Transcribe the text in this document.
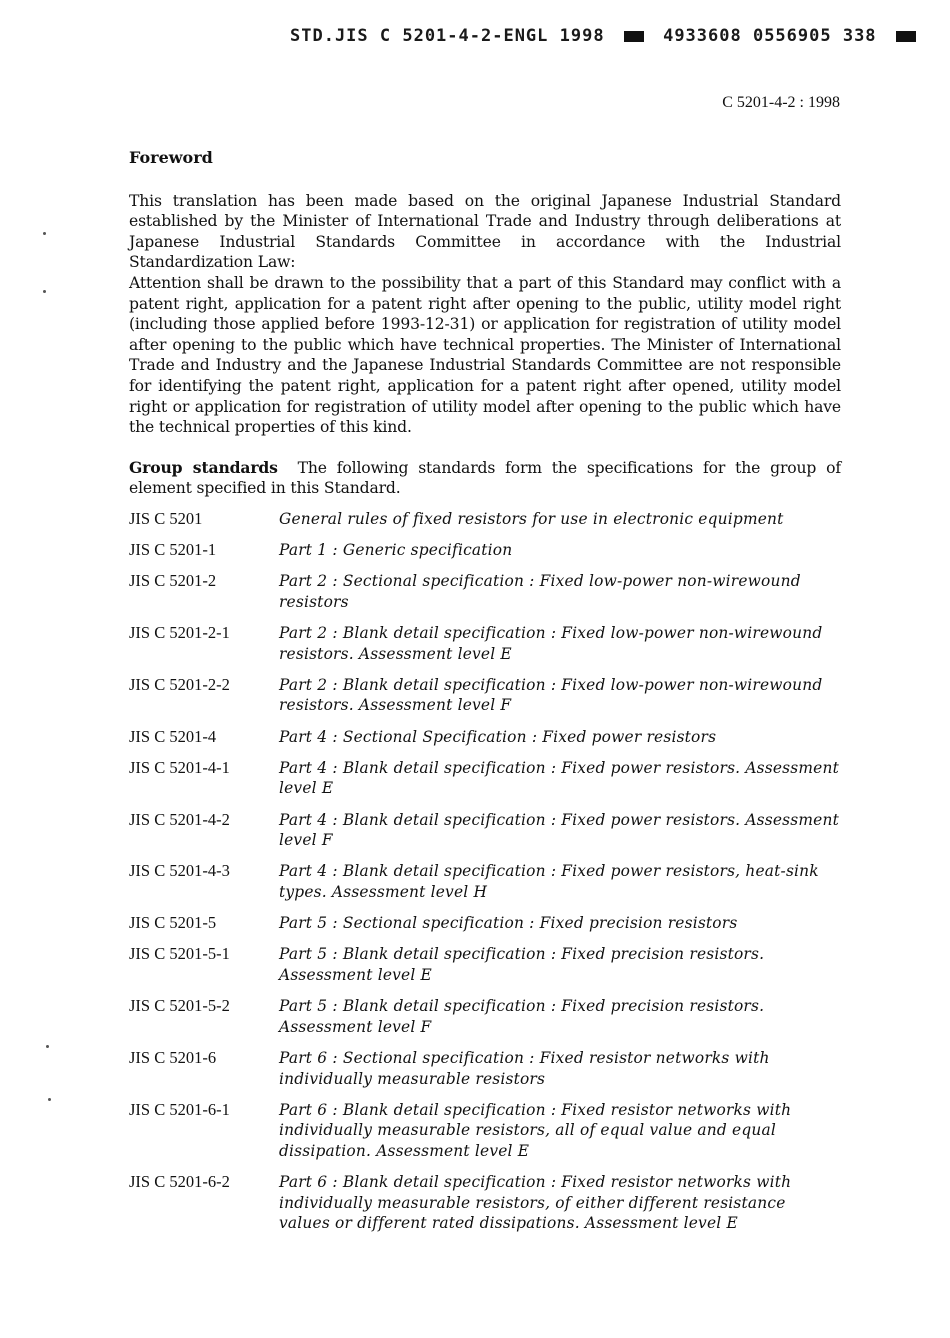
STD.JIS C 5201-4-2-ENGL 1998	4933608 0556905 338
C 5201-4-2 : 1998
Foreword

This translation has been made based on the original Japanese Industrial Standard established by the Minister of International Trade and Industry through deliberations at Japanese Industrial Standards Committee in accordance with the Industrial Standardization Law:

Attention shall be drawn to the possibility that a part of this Standard may conflict with a patent right, application for a patent right after opening to the public, utility model right (including those applied before 1993-12-31) or application for registration of utility model after opening to the public which have technical properties. The Minister of International Trade and Industry and the Japanese Industrial Standards Committee are not responsible for identifying the patent right, application for a patent right after opened, utility model right or application for registration of utility model after opening to the public which have the technical properties of this kind.

Group standards The following standards form the specifications for the group of element specified in this Standard.

JIS C 5201	General rules of fixed resistors for use in electronic equipment
JIS C 5201-1	Part 1 : Generic specification
JIS C 5201-2	Part 2 : Sectional specification : Fixed low-power non-wirewound resistors
JIS C 5201-2-1	Part 2 : Blank detail specification : Fixed low-power non-wirewound resistors. Assessment level E
JIS C 5201-2-2	Part 2 : Blank detail specification : Fixed low-power non-wirewound resistors. Assessment level F
JIS C 5201-4	Part 4 : Sectional Specification : Fixed power resistors
JIS C 5201-4-1	Part 4 : Blank detail specification : Fixed power resistors. Assessment level E
JIS C 5201-4-2	Part 4 : Blank detail specification : Fixed power resistors. Assessment level F
JIS C 5201-4-3	Part 4 : Blank detail specification : Fixed power resistors, heat-sink types. Assessment level H
JIS C 5201-5	Part 5 : Sectional specification : Fixed precision resistors
JIS C 5201-5-1	Part 5 : Blank detail specification : Fixed precision resistors. Assessment level E
JIS C 5201-5-2	Part 5 : Blank detail specification : Fixed precision resistors. Assessment level F
JIS C 5201-6	Part 6 : Sectional specification : Fixed resistor networks with individually measurable resistors
JIS C 5201-6-1	Part 6 : Blank detail specification : Fixed resistor networks with individually measurable resistors, all of equal value and equal dissipation. Assessment level E
JIS C 5201-6-2	Part 6 : Blank detail specification : Fixed resistor networks with individually measurable resistors, of either different resistance values or different rated dissipations. Assessment level E
